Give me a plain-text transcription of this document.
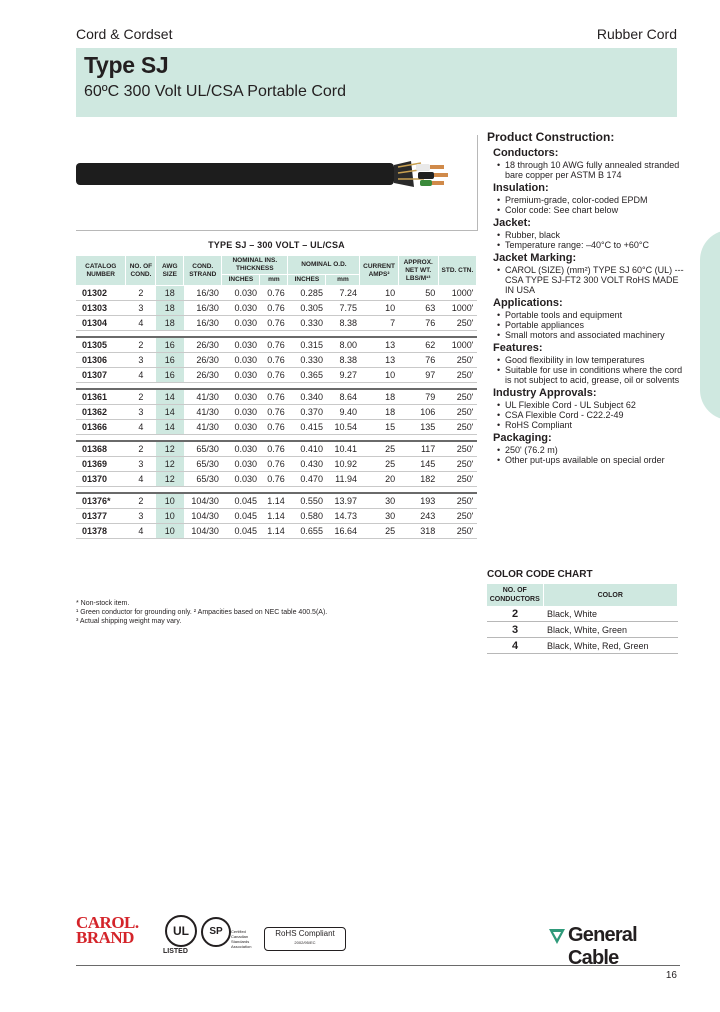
Cord & Cordset	Rubber Cord
Type SJ
60ºC 300 Volt UL/CSA Portable Cord
TYPE SJ – 300 VOLT – UL/CSA
CATALOG NUMBER	NO. OF COND.	AWG SIZE	COND. STRAND	NOMINAL INS. THICKNESS		NOMINAL O.D.		CURRENT AMPS²	APPROX. NET WT. LBS/M¹³	STD. CTN.
				INCHES	mm	INCHES	mm			
01302	2	18	16/30	0.030	0.76	0.285	7.24	10	50	1000'
01303	3	18	16/30	0.030	0.76	0.305	7.75	10	63	1000'
01304	4	18	16/30	0.030	0.76	0.330	8.38	7	76	250'

01305	2	16	26/30	0.030	0.76	0.315	8.00	13	62	1000'
01306	3	16	26/30	0.030	0.76	0.330	8.38	13	76	250'
01307	4	16	26/30	0.030	0.76	0.365	9.27	10	97	250'

01361	2	14	41/30	0.030	0.76	0.340	8.64	18	79	250'
01362	3	14	41/30	0.030	0.76	0.370	9.40	18	106	250'
01366	4	14	41/30	0.030	0.76	0.415	10.54	15	135	250'

01368	2	12	65/30	0.030	0.76	0.410	10.41	25	117	250'
01369	3	12	65/30	0.030	0.76	0.430	10.92	25	145	250'
01370	4	12	65/30	0.030	0.76	0.470	11.94	20	182	250'

01376*	2	10	104/30	0.045	1.14	0.550	13.97	30	193	250'
01377	3	10	104/30	0.045	1.14	0.580	14.73	30	243	250'
01378	4	10	104/30	0.045	1.14	0.655	16.64	25	318	250'
* Non-stock item.
¹ Green conductor for grounding only. ² Ampacities based on NEC table 400.5(A).
³ Actual shipping weight may vary.
Product Construction:
Conductors:
• 18 through 10 AWG fully annealed stranded bare copper per ASTM B 174
Insulation:
• Premium-grade, color-coded EPDM
• Color code: See chart below
Jacket:
• Rubber, black
• Temperature range: –40°C to +60°C
Jacket Marking:
• CAROL (SIZE) (mm²) TYPE SJ 60°C (UL) --- CSA TYPE SJ-FT2 300 VOLT RoHS MADE IN USA
Applications:
• Portable tools and equipment
• Portable appliances
• Small motors and associated machinery
Features:
• Good flexibility in low temperatures
• Suitable for use in conditions where the cord is not subject to acid, grease, oil or solvents
Industry Approvals:
• UL Flexible Cord - UL Subject 62
• CSA Flexible Cord - C22.2-49
• RoHS Compliant
Packaging:
• 250' (76.2 m)
• Other put-ups available on special order
COLOR CODE CHART
NO. OF CONDUCTORS	COLOR
2	Black, White
3	Black, White, Green
4	Black, White, Red, Green
CAROL.
BRAND	UL
LISTED
SP	Certified Canadian Standards Association
RoHS Compliant
2002/95/EC	General Cable
16
